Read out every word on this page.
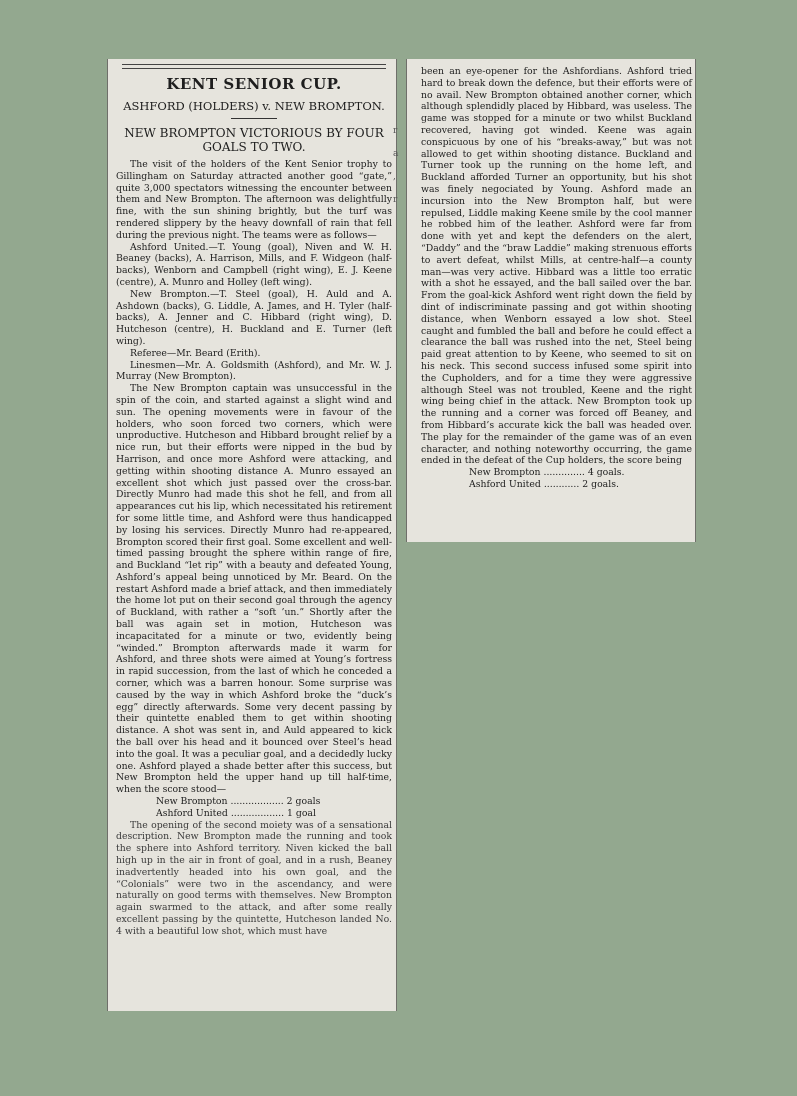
KENT SENIOR CUP.
ASHFORD (HOLDERS) v. NEW BROMPTON.
NEW BROMPTON VICTORIOUS BY FOUR GOALS TO TWO.

The visit of the holders of the Kent Senior trophy to Gillingham on Saturday attracted another good “gate,” quite 3,000 spectators witnessing the encounter between them and New Brompton. The afternoon was delightfully fine, with the sun shining brightly, but the turf was rendered slippery by the heavy downfall of rain that fell during the previous night. The teams were as follows—

Ashford United.—T. Young (goal), Niven and W. H. Beaney (backs), A. Harrison, Mills, and F. Widgeon (half-backs), Wenborn and Campbell (right wing), E. J. Keene (centre), A. Munro and Holley (left wing).

New Brompton.—T. Steel (goal), H. Auld and A. Ashdown (backs), G. Liddle, A. James, and H. Tyler (half-backs), A. Jenner and C. Hibbard (right wing), D. Hutcheson (centre), H. Buckland and E. Turner (left wing).

Referee—Mr. Beard (Erith).

Linesmen—Mr. A. Goldsmith (Ashford), and Mr. W. J. Murray (New Brompton).

The New Brompton captain was unsuccessful in the spin of the coin, and started against a slight wind and sun. The opening movements were in favour of the holders, who soon forced two corners, which were unproductive. Hutcheson and Hibbard brought relief by a nice run, but their efforts were nipped in the bud by Harrison, and once more Ashford were attacking, and getting within shooting distance A. Munro essayed an excellent shot which just passed over the cross-bar. Directly Munro had made this shot he fell, and from all appearances cut his lip, which necessitated his retirement for some little time, and Ashford were thus handicapped by losing his services. Directly Munro had re-appeared, Brompton scored their first goal. Some excellent and well-timed passing brought the sphere within range of fire, and Buckland “let rip” with a beauty and defeated Young, Ashford’s appeal being unnoticed by Mr. Beard. On the restart Ashford made a brief attack, and then immediately the home lot put on their second goal through the agency of Buckland, with rather a “soft ’un.” Shortly after the ball was again set in motion, Hutcheson was incapacitated for a minute or two, evidently being “winded.” Brompton afterwards made it warm for Ashford, and three shots were aimed at Young’s fortress in rapid succession, from the last of which he conceded a corner, which was a barren honour. Some surprise was caused by the way in which Ashford broke the “duck’s egg” directly afterwards. Some very decent passing by their quintette enabled them to get within shooting distance. A shot was sent in, and Auld appeared to kick the ball over his head and it bounced over Steel’s head into the goal. It was a peculiar goal, and a decidedly lucky one. Ashford played a shade better after this success, but New Brompton held the upper hand up till half-time, when the score stood—

New Brompton .................. 2 goals
Ashford United .................. 1 goal

The opening of the second moiety was of a sensational description. New Brompton made the running and took the sphere into Ashford territory. Niven kicked the ball high up in the air in front of goal, and in a rush, Beaney inadvertently headed into his own goal, and the “Colonials” were two in the ascendancy, and were naturally on good terms with themselves. New Brompton again swarmed to the attack, and after some really excellent passing by the quintette, Hutcheson landed No. 4 with a beautiful low shot, which must have

r
a
,
r

been an eye-opener for the Ashfordians. Ashford tried hard to break down the defence, but their efforts were of no avail. New Brompton obtained another corner, which although splendidly placed by Hibbard, was useless. The game was stopped for a minute or two whilst Buckland recovered, having got winded. Keene was again conspicuous by one of his “breaks-away,” but was not allowed to get within shooting distance. Buckland and Turner took up the running on the home left, and Buckland afforded Turner an opportunity, but his shot was finely negociated by Young. Ashford made an incursion into the New Brompton half, but were repulsed, Liddle making Keene smile by the cool manner he robbed him of the leather. Ashford were far from done with yet and kept the defenders on the alert, “Daddy” and the “braw Laddie” making strenuous efforts to avert defeat, whilst Mills, at centre-half—a county man—was very active. Hibbard was a little too erratic with a shot he essayed, and the ball sailed over the bar. From the goal-kick Ashford went right down the field by dint of indiscriminate passing and got within shooting distance, when Wenborn essayed a low shot. Steel caught and fumbled the ball and before he could effect a clearance the ball was rushed into the net, Steel being paid great attention to by Keene, who seemed to sit on his neck. This second success infused some spirit into the Cupholders, and for a time they were aggressive although Steel was not troubled, Keene and the right wing being chief in the attack. New Brompton took up the running and a corner was forced off Beaney, and from Hibbard’s accurate kick the ball was headed over. The play for the remainder of the game was of an even character, and nothing noteworthy occurring, the game ended in the defeat of the Cup holders, the score being

New Brompton .............. 4 goals.
Ashford United ............ 2 goals.
